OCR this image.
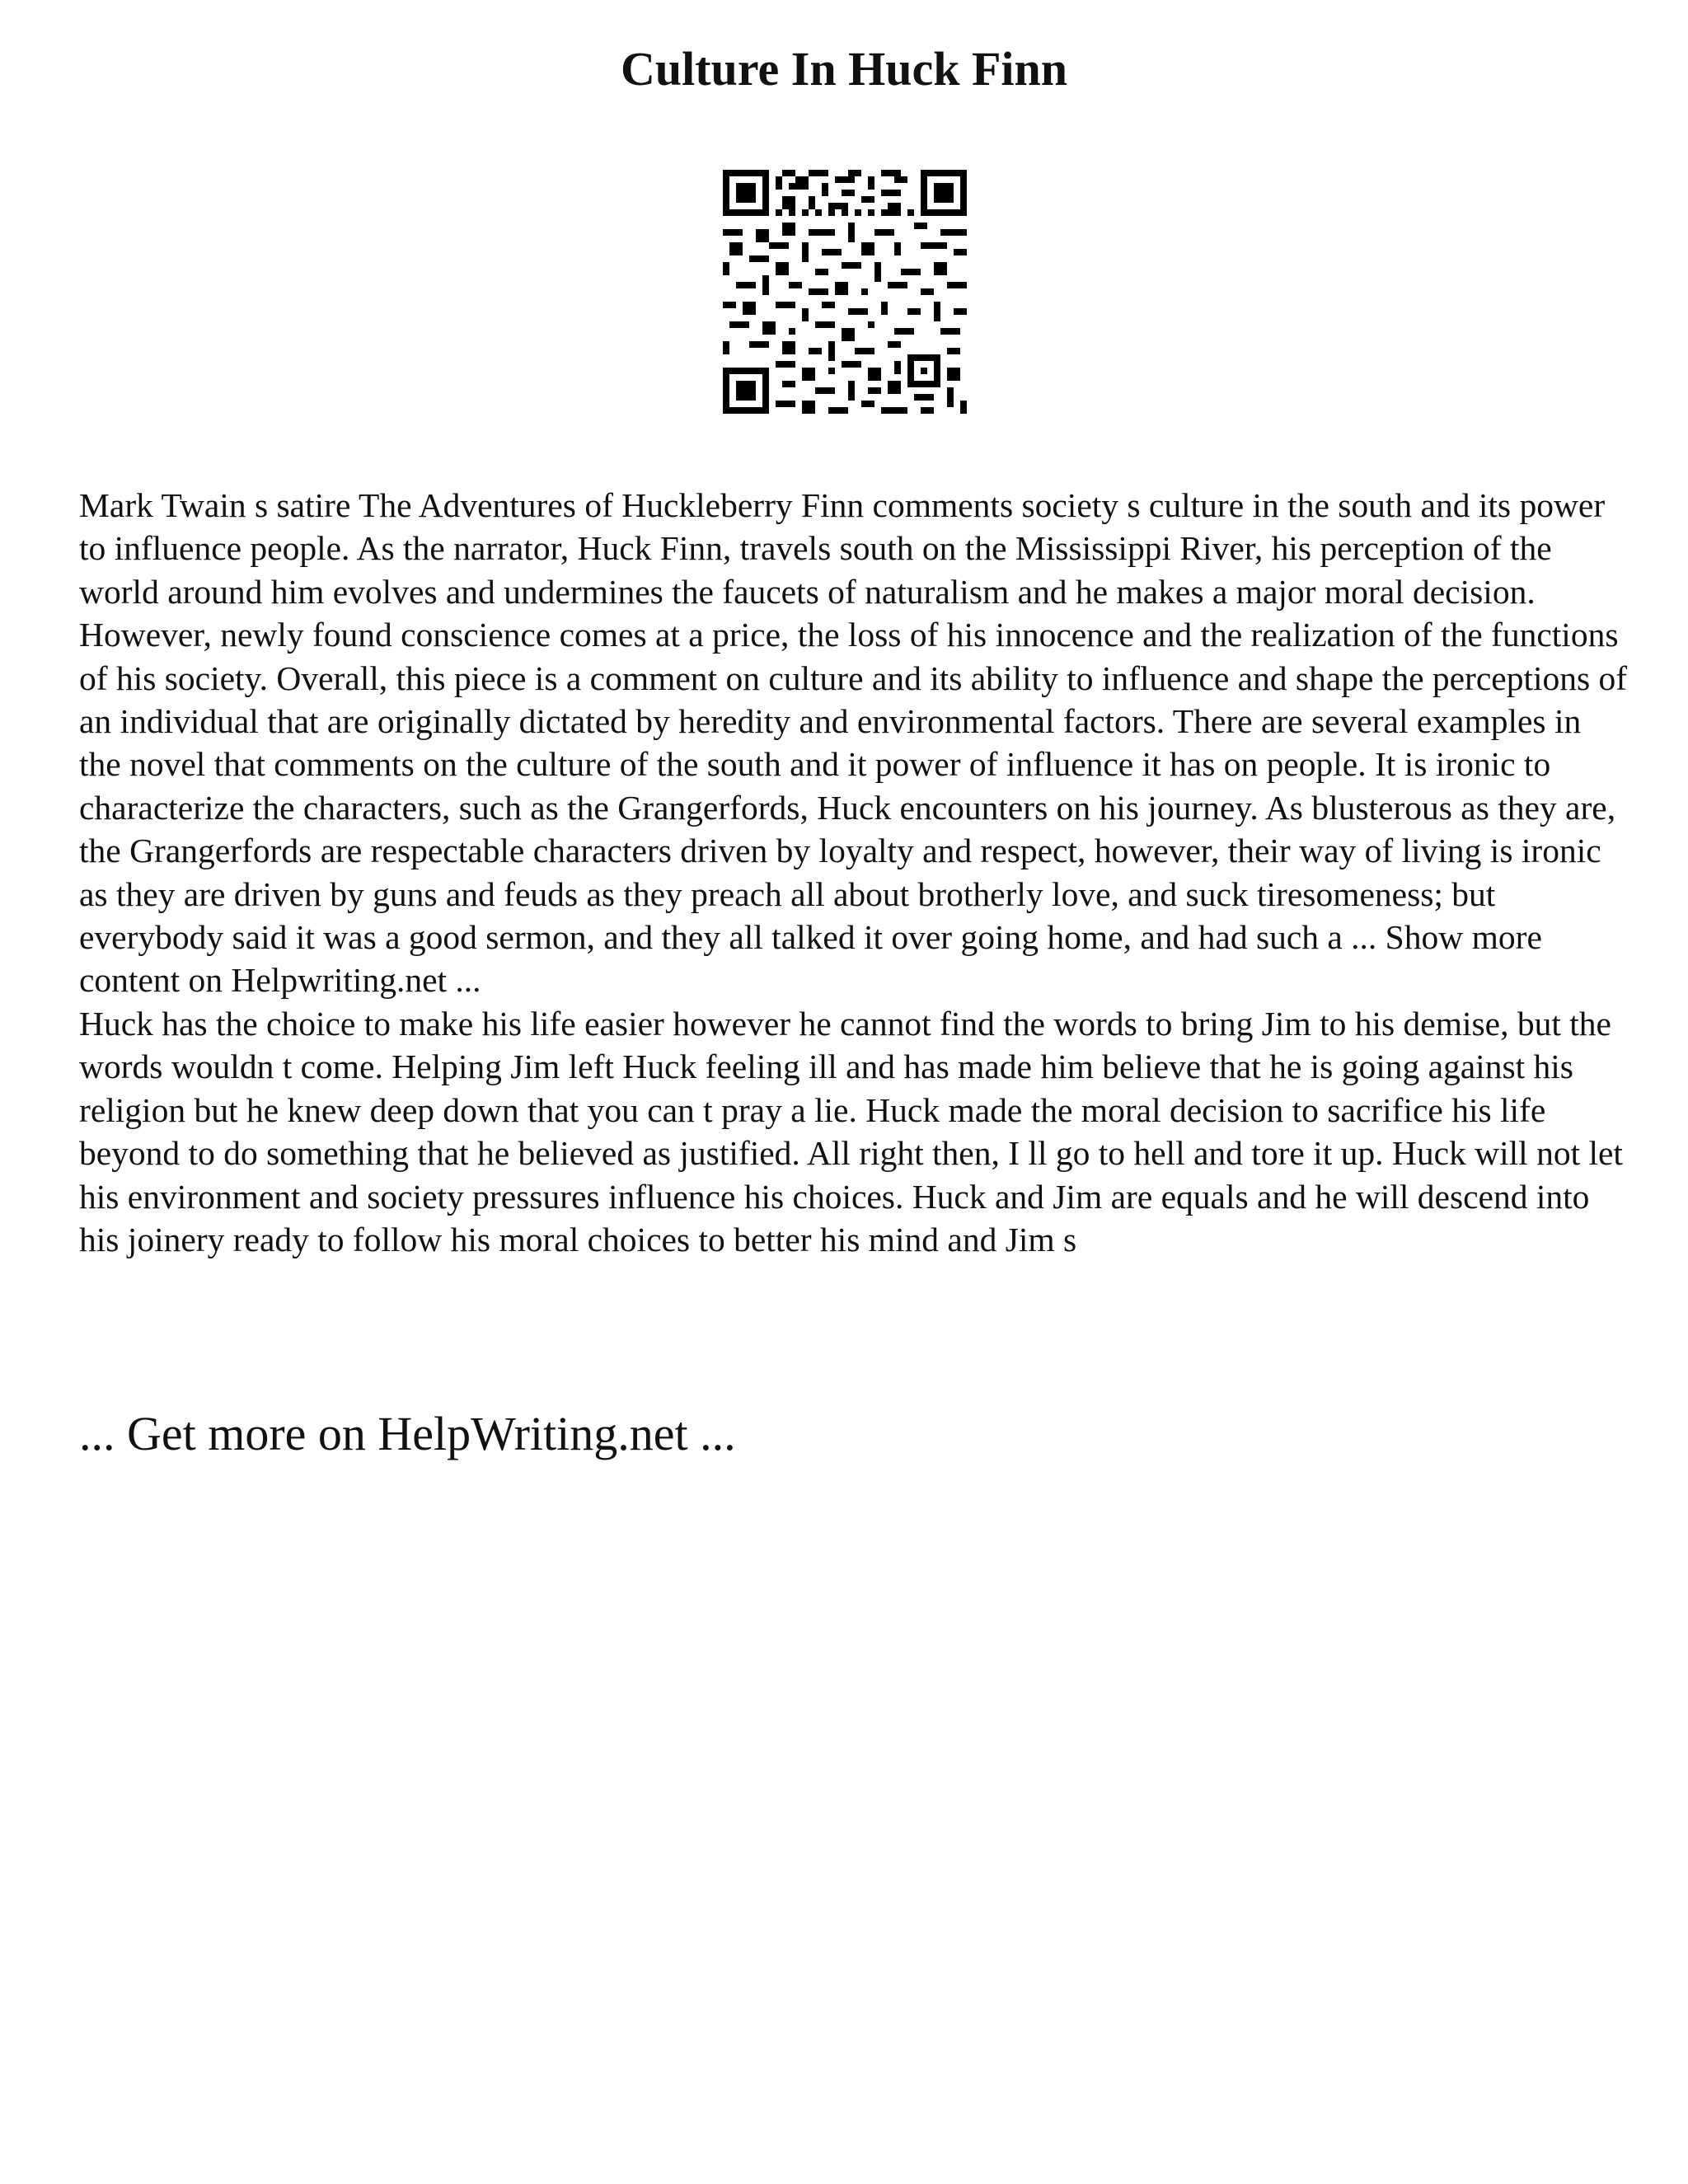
Culture In Huck Finn

Mark Twain s satire The Adventures of Huckleberry Finn comments society s culture in the south and its power to influence people. As the narrator, Huck Finn, travels south on the Mississippi River, his perception of the world around him evolves and undermines the faucets of naturalism and he makes a major moral decision. However, newly found conscience comes at a price, the loss of his innocence and the realization of the functions of his society. Overall, this piece is a comment on culture and its ability to influence and shape the perceptions of an individual that are originally dictated by heredity and environmental factors. There are several examples in the novel that comments on the culture of the south and it power of influence it has on people. It is ironic to characterize the characters, such as the Grangerfords, Huck encounters on his journey. As blusterous as they are, the Grangerfords are respectable characters driven by loyalty and respect, however, their way of living is ironic as they are driven by guns and feuds as they preach all about brotherly love, and suck tiresomeness; but everybody said it was a good sermon, and they all talked it over going home, and had such a ... Show more content on Helpwriting.net ...

Huck has the choice to make his life easier however he cannot find the words to bring Jim to his demise, but the words wouldn t come. Helping Jim left Huck feeling ill and has made him believe that he is going against his religion but he knew deep down that you can t pray a lie. Huck made the moral decision to sacrifice his life beyond to do something that he believed as justified. All right then, I ll go to hell and tore it up. Huck will not let his environment and society pressures influence his choices. Huck and Jim are equals and he will descend into his joinery ready to follow his moral choices to better his mind and Jim s

... Get more on HelpWriting.net ...
